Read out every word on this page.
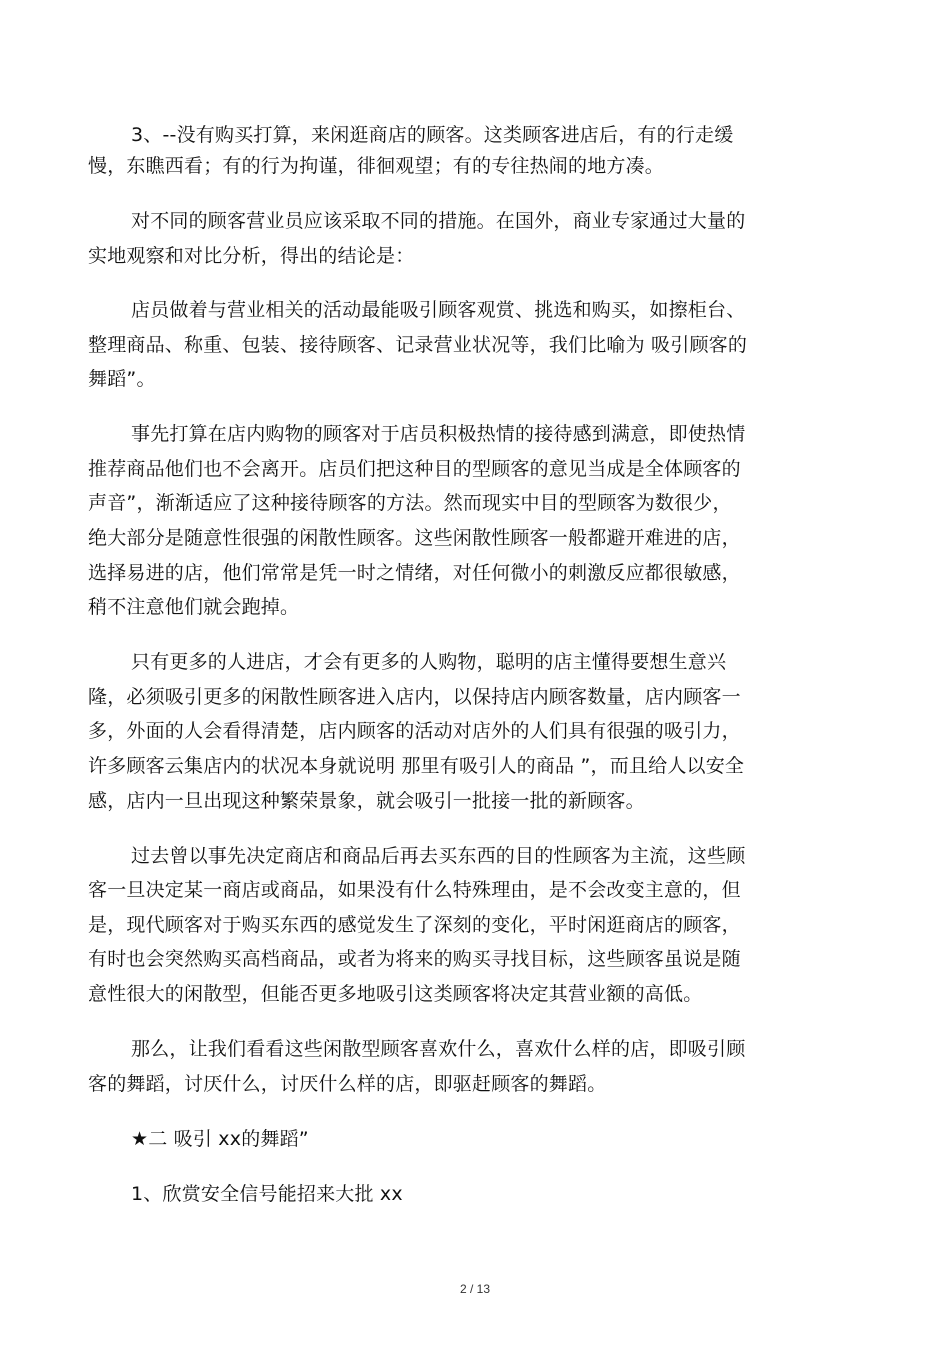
3、--没有购买打算，来闲逛商店的顾客。这类顾客进店后，有的行走缓
慢，东瞧西看；有的行为拘谨，徘徊观望；有的专往热闹的地方凑。
对不同的顾客营业员应该采取不同的措施。在国外，商业专家通过大量的
实地观察和对比分析，得出的结论是：
店员做着与营业相关的活动最能吸引顾客观赏、挑选和购买，如擦柜台、
整理商品、称重、包装、接待顾客、记录营业状况等，我们比喻为 吸引顾客的
舞蹈”。
事先打算在店内购物的顾客对于店员积极热情的接待感到满意，即使热情
推荐商品他们也不会离开。店员们把这种目的型顾客的意见当成是全体顾客的
声音”，渐渐适应了这种接待顾客的方法。然而现实中目的型顾客为数很少，
绝大部分是随意性很强的闲散性顾客。这些闲散性顾客一般都避开难进的店，
选择易进的店，他们常常是凭一时之情绪，对任何微小的刺激反应都很敏感，
稍不注意他们就会跑掉。
只有更多的人进店，才会有更多的人购物，聪明的店主懂得要想生意兴
隆，必须吸引更多的闲散性顾客进入店内，以保持店内顾客数量，店内顾客一
多，外面的人会看得清楚，店内顾客的活动对店外的人们具有很强的吸引力，
许多顾客云集店内的状况本身就说明 那里有吸引人的商品 ”，而且给人以安全
感，店内一旦出现这种繁荣景象，就会吸引一批接一批的新顾客。
过去曾以事先决定商店和商品后再去买东西的目的性顾客为主流，这些顾
客一旦决定某一商店或商品，如果没有什么特殊理由，是不会改变主意的，但
是，现代顾客对于购买东西的感觉发生了深刻的变化，平时闲逛商店的顾客，
有时也会突然购买高档商品，或者为将来的购买寻找目标，这些顾客虽说是随
意性很大的闲散型，但能否更多地吸引这类顾客将决定其营业额的高低。
那么，让我们看看这些闲散型顾客喜欢什么，喜欢什么样的店，即吸引顾
客的舞蹈，讨厌什么，讨厌什么样的店，即驱赶顾客的舞蹈。
★二 吸引 xx的舞蹈”
1、欣赏安全信号能招来大批 xx
2 / 13
